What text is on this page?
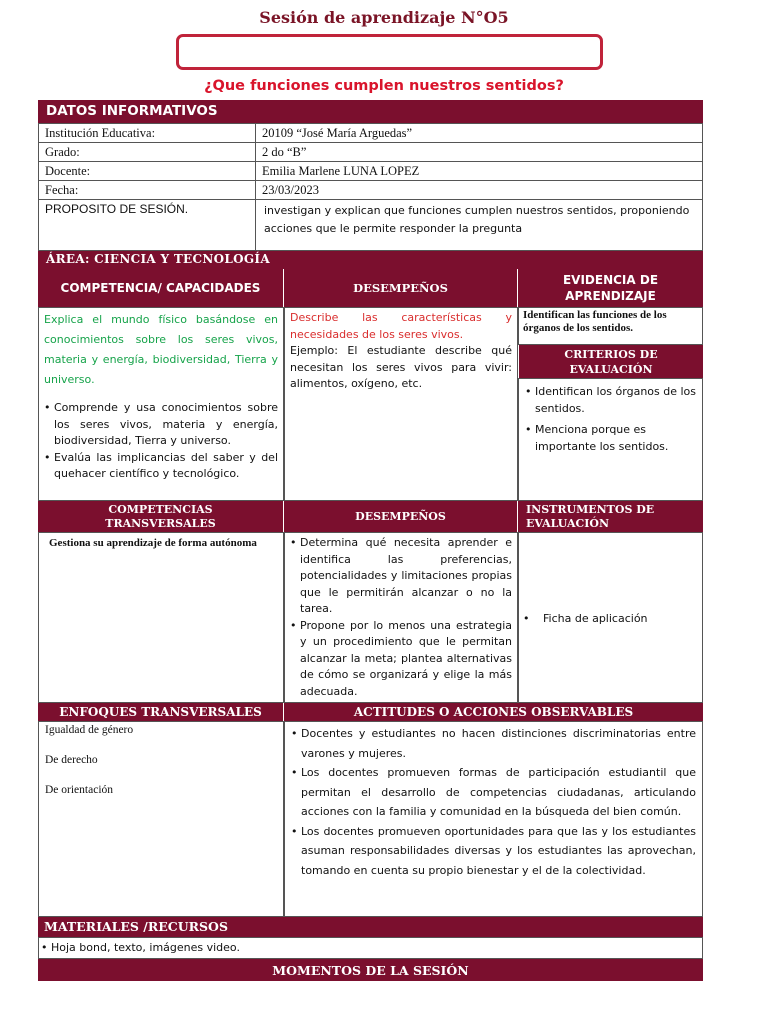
Sesión de aprendizaje N°O5
¿Que funciones cumplen nuestros sentidos?
DATOS INFORMATIVOS
Institución Educativa:	20109 “José María Arguedas”
Grado:	2 do “B”
Docente:	Emilia Marlene LUNA LOPEZ
Fecha:	23/03/2023
PROPOSITO DE SESIÓN.	investigan y explican que funciones cumplen nuestros sentidos, proponiendo acciones que le permite responder la pregunta
ÁREA: CIENCIA Y TECNOLOGÍA
COMPETENCIA/ CAPACIDADES	DESEMPEÑOS
EVIDENCIA DE APRENDIZAJE
Explica el mundo físico basándose en conocimientos sobre los seres vivos, materia y energía, biodiversidad, Tierra y universo.
• Comprende y usa conocimientos sobre los seres vivos, materia y energía, biodiversidad, Tierra y universo.
• Evalúa las implicancias del saber y del quehacer científico y tecnológico.
Describe las características y necesidades de los seres vivos.
Ejemplo: El estudiante describe qué necesitan los seres vivos para vivir: alimentos, oxígeno, etc.
Identifican las funciones de los órganos de los sentidos.
CRITERIOS DE EVALUACIÓN
• Identifican los órganos de los sentidos.
• Menciona porque es importante los sentidos.
COMPETENCIAS TRANSVERSALES	DESEMPEÑOS
INSTRUMENTOS DE EVALUACIÓN
Gestiona su aprendizaje de forma autónoma
•	Determina qué necesita aprender e identifica las preferencias, potencialidades y limitaciones propias que le permitirán alcanzar o no la tarea.
• Propone por lo menos una estrategia y un procedimiento que le permitan alcanzar la meta; plantea alternativas de cómo se organizará y elige la más adecuada.
•	Ficha de aplicación
ENFOQUES TRANSVERSALES	ACTITUDES O ACCIONES OBSERVABLES
Igualdad de género
De derecho
De orientación
• Docentes y estudiantes no hacen distinciones discriminatorias entre varones y mujeres.
• Los docentes promueven formas de participación estudiantil que permitan el desarrollo de competencias ciudadanas, articulando acciones con la familia y comunidad en la búsqueda del bien común.
• Los docentes promueven oportunidades para que las y los estudiantes asuman responsabilidades diversas y los estudiantes las aprovechan, tomando en cuenta su propio bienestar y el de la colectividad.
MATERIALES /RECURSOS
• Hoja bond, texto, imágenes video.
MOMENTOS DE LA SESIÓN
